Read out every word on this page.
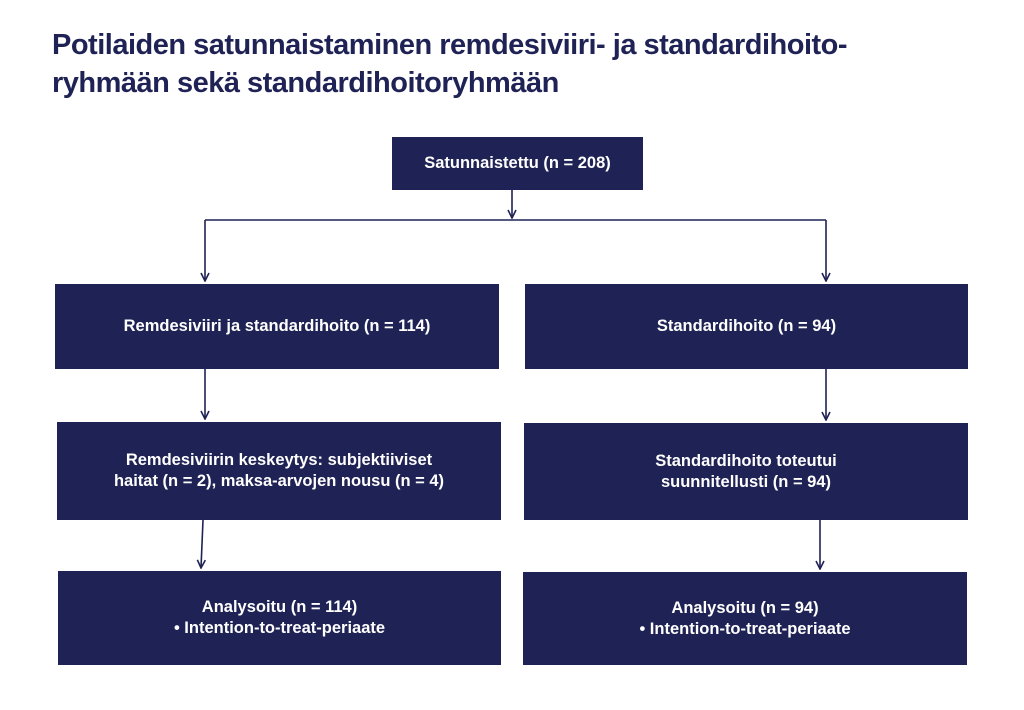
Potilaiden satunnaistaminen remdesiviiri- ja standardihoito-
ryhmään sekä standardihoitoryhmään
Satunnaistettu (n = 208)
Remdesiviiri ja standardihoito (n = 114)	Standardihoito (n = 94)
Remdesiviirin keskeytys: subjektiiviset
haitat (n = 2), maksa-arvojen nousu (n = 4)
Standardihoito toteutui
suunnitellusti (n = 94)
Analysoitu (n = 114)
• Intention-to-treat-periaate
Analysoitu (n = 94)
• Intention-to-treat-periaate
